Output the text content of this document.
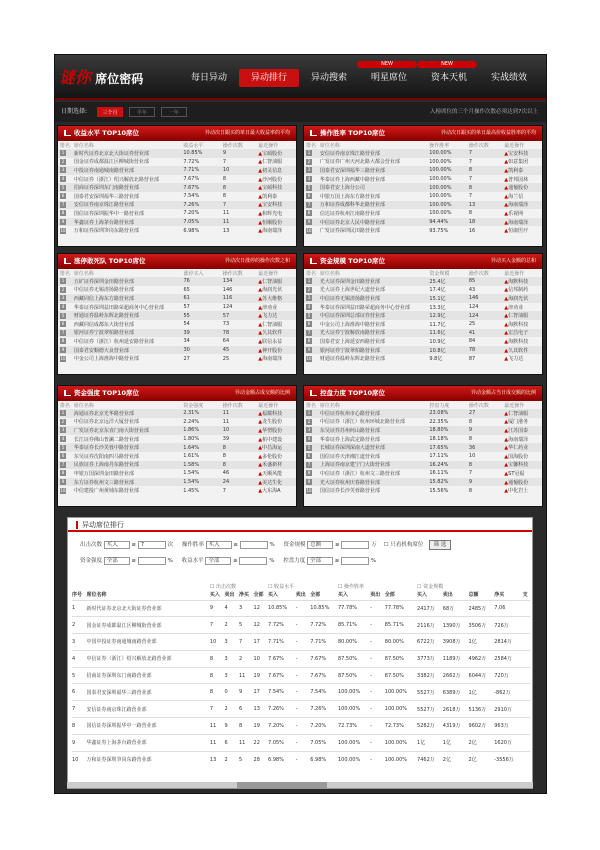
谜你 席位密码	每日异动	异动排行	异动搜索	明星席位
NEW
资本天机
NEW
实战绩效
日期选择:	三个月	半年	一年	入榜席位的三个月操作次数必须达到7次以上
收益水平 TOP10席位	异动次日跟买的单日最大收益率的平均
排名	席位名称	收益水平	操作次数	最近操作
1	新时代证券北京北大街证券营业部	10.85%	9	▲宝硕股份
2	国金证券成都温江区柳城街营业部	7.72%	7	▲仁智油服
3	中投证券南通城南路营业部	7.71%	10	▲初灵信息
4	中信证券（浙江）绍兴解放北路营业部	7.67%	8	▲沙河股份
5	招商证券深圳东门南路营业部	7.67%	8	▲宝硕科技
6	国泰君安深圳福华三路营业部	7.54%	8	▲凯利泰
7	安信证券南京珠江路营业部	7.26%	7	▲宝安科技
8	国信证券深圳振华中一路营业部	7.20%	11	▲和辉光电
9	华鑫证券上海茅台路营业部	7.05%	11	▲恒顺股份
10	万和证券深圳笋岗东路营业部	6.98%	13	▲海南瑞泽
操作胜率 TOP10席位	异动次日跟买的单日最高价收益胜率的平均
排名	席位名称	操作胜率	操作次数	最近操作
1	安信证券南京珠江路营业部	100.00%	7	▲宝安科技
2	广发证券广州天河北路大都会营业部	100.00%	7	▲如意集团
3	国泰君安深圳福华三路营业部	100.00%	8	▲凯利泰
4	华泰证券上海西藏中路营业部	100.00%	7	▲普邦园林
5	国泰君安上海分公司	100.00%	8	▲通葡股份
6	中银万国上海东方路营业部	100.00%	7	▲海兰信
7	万和证券成都科华北路营业部	100.00%	13	▲海南瑞泽
8	信达证券杭州江南路营业部	100.00%	8	▲乐视网
9	中信证券北京人民中路营业部	94.44%	18	▲海南瑞泽
10	广发证券深圳民田路营业部	93.75%	16	▲恒康医疗
涨停敢死队 TOP10席位	异动次日涨停的操作次数之和
排名	席位名称	涨停买入	操作次数	最近操作
1	五矿证券深圳金田路营业部	76	134	▲仁智油服
2	中信证券无锡清扬路营业部	65	146	▲海润光伏
3	西藏同信上海东方路营业部	61	116	▲苏大维格
4	华泰证券深圳益田路荣超商务中心营业部	57	124	▲津劝业
5	财通证券温岭东辉北路营业部	55	57	▲飞力达
6	西藏同信成都东大街营业部	54	73	▲仁智油服
7	银河证券宁波翠柏路营业部	39	78	▲久其软件
8	中信证券（浙江）杭州延安路营业部	34	64	▲联信永益
9	国泰君安顺德大良营业部	30	45	▲神开股份
10	中金公司上海淮海中路营业部	27	25	▲海南瑞泽
资金规模 TOP10席位	异动买入金额的总和
排名	席位名称	资金规模	操作次数	最近操作
1	光大证券深圳金田路营业部	25.4亿	85	▲海默科技
2	光大证券上海世纪大道营业部	17.4亿	43	▲信邦制药
3	中信证券无锡清扬路营业部	15.1亿	146	▲海润光伏
4	华泰证券深圳益田路荣超商务中心营业部	13.3亿	124	▲津劝业
5	中信证券深圳总部证券营业部	12.9亿	124	▲仁智油服
6	中金公司上海淮海中路营业部	11.7亿	25	▲海默科技
7	光大证券宁波解放南路营业部	11.6亿	41	▲宏昌电子
8	国泰君安上海延安西路营业部	10.9亿	84	▲海默科技
9	银河证券宁波翠柏路营业部	10.8亿	78	▲久其软件
10	财通证券温岭东辉北路营业部	9.8亿	87	▲飞力达
资金强度 TOP10席位	异动金额占成交额的比例
排名	席位名称	资金强度	操作次数	最近操作
1	海通证券北京光华路营业部	2.31%	11	▲福耀科技
2	中信证券北京远洋大厦营业部	2.24%	11	▲龙生股份
3	广发证券北京东直门南大街营业部	1.86%	10	▲华塑股份
4	长江证券佛山普澜二路营业部	1.80%	39	▲柘中建设
5	华泰证券长沙芙蓉中路营业部	1.64%	8	▲中昌海运
6	东吴证券沈阳南四马路营业部	1.61%	8	▲多伦股份
7	民族证券上海南丹东路营业部	1.58%	8	▲禾盛新材
8	申银万国深圳金田路营业部	1.54%	46	▲天顺风能
9	东方证券杭州文三路营业部	1.54%	24	▲美达生化
10	中信建投广州黄埔东路营业部	1.45%	7	▲大东海A
控盘力度 TOP10席位	异动金额占当日成交额的比例
排名	席位名称	控盘力度	操作次数	最近操作
1	中信证券杭州市心路营业部	23.08%	27	▲仁智油服
2	中信证券（浙江）杭州环城北路营业部	22.35%	8	▲厦门港务
3	东吴证券苏州何山路营业部	18.80%	9	▲江苏国泰
4	华泰证券上海武定路营业部	18.18%	8	▲海南瑞泽
5	长城证券深圳深南大道营业部	17.65%	36	▲华仁药业
6	国信证券天津湘江道营业部	17.11%	10	▲国海股份
7	上海证券南京建宁门大街营业部	16.24%	8	▲宝馨科技
8	中信证券（浙江）杭州文三路营业部	16.11%	7	▲ST冠福
9	光大证券杭州庆春路营业部	15.82%	9	▲通葡股份
10	国信证券长沙芙蓉路营业部	15.56%	8	▲中化岩土
异动席位排行
出击次数 买入 ≥ 7	次 操作胜率 买入 ≥	% 资金规模 总额 ≥	万 ☐ 只看机构席位 筛 选
资金强度 全部 ≥	% 收益水平 全部 ≥	% 控盘力度 全部 ≥	%
		☐ 出击次数				☐ 收益水平			☐ 操作胜率			☐ 资金规模				
序号	席位名称	买入	卖出	净买	全部	买入	卖出	全部	买入	卖出	全部	买入	卖出	总额	净买	支
1	新时代证券北京北大街证券营业部	9	4	3	12	10.85%	-	10.85%	77.78%	-	77.78%	2417万	68万	2485万	7,06	
2	国金证券成都温江区柳城街营业部	7	2	5	12	7.72%	-	7.72%	85.71%	-	85.71%	2116万	1390万	3506万	726万	
3	中国中投证券南通城南路营业部	10	3	7	17	7.71%	-	7.71%	80.00%	-	80.00%	6722万	3908万	1亿	2814万	
4	中信证券（浙江）绍兴解放北路营业部	8	3	2	10	7.67%	-	7.67%	87.50%	-	87.50%	3773万	1189万	4962万	2584万	
5	招商证券深圳东门南路营业部	8	3	11	19	7.67%	-	7.67%	87.50%	-	87.50%	3382万	2662万	6044万	720万	
6	国泰君安深圳福华三路营业部	8	0	9	17	7.54%	-	7.54%	100.00%	-	100.00%	5527万	6389万	1亿	-862万	
7	安信证券南京珠江路营业部	7	2	6	13	7.26%	-	7.26%	100.00%	-	100.00%	5527万	2618万	5136万	2910万	
8	国信证券深圳振华中一路营业部	11	9	8	19	7.20%	-	7.20%	72.73%	-	72.73%	5282万	4319万	9602万	963万	
9	华鑫证券上海茅台路营业部	11	6	11	22	7.05%	-	7.05%	100.00%	-	100.00%	1亿	1亿	2亿	1620万	
10	万和证券深圳笋岗东路营业部	13	2	5	28	6.98%	-	6.98%	100.00%	-	100.00%	7462万	2亿	2亿	-3556万	
